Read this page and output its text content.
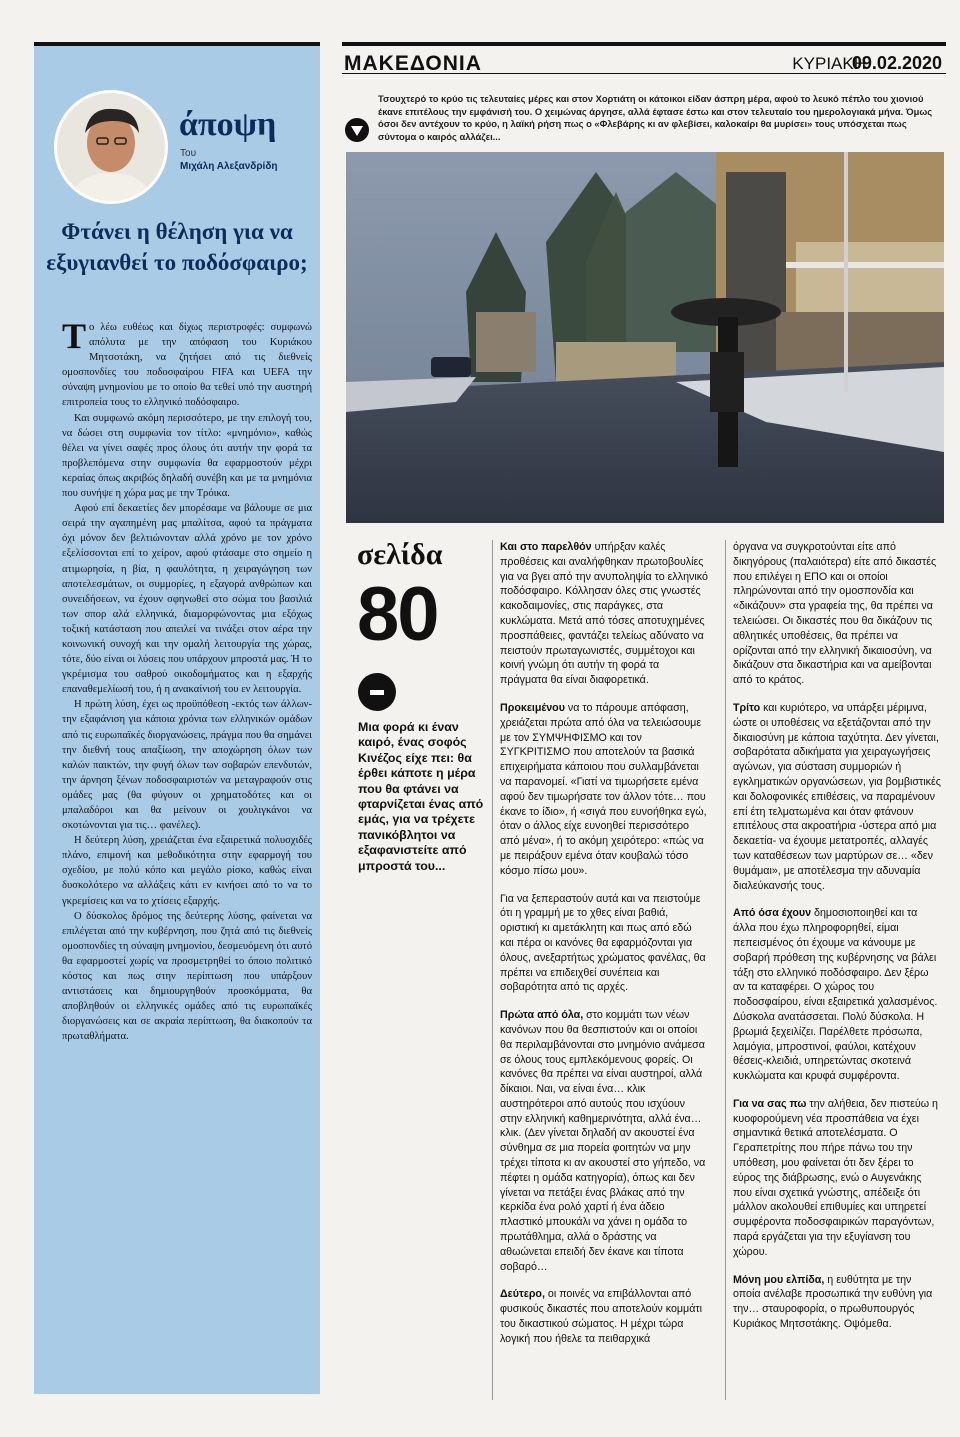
άποψη
Του
Μιχάλη Αλεξανδρίδη
Φτάνει η θέληση για να εξυγιανθεί το ποδόσφαιρο;

Το λέω ευθέως και δίχως περιστροφές: συμφωνώ απόλυτα με την απόφαση του Κυριάκου Μητσοτάκη, να ζητήσει από τις διεθνείς ομοσπονδίες του ποδοσφαίρου FIFA και UEFA την σύναψη μνημονίου με το οποίο θα τεθεί υπό την αυστηρή επιτροπεία τους το ελληνικό ποδόσφαιρο.

Και συμφωνώ ακόμη περισσότερο, με την επιλογή του, να δώσει στη συμφωνία τον τίτλο: «μνημόνιο», καθώς θέλει να γίνει σαφές προς όλους ότι αυτήν την φορά τα προβλεπόμενα στην συμφωνία θα εφαρμοστούν μέχρι κεραίας όπως ακριβώς δηλαδή συνέβη και με τα μνημόνια που συνήψε η χώρα μας με την Τρόικα.

Αφού επί δεκαετίες δεν μπορέσαμε να βάλουμε σε μια σειρά την αγαπημένη μας μπαλίτσα, αφού τα πράγματα όχι μόνον δεν βελτιώνονταν αλλά χρόνο με τον χρόνο εξελίσσονται επί το χείρον, αφού φτάσαμε στο σημείο η ατιμωρησία, η βία, η φαυλότητα, η χειραγώγηση των αποτελεσμάτων, οι συμμορίες, η εξαγορά ανθρώπων και συνειδήσεων, να έχουν σφηνωθεί στο σώμα του βασιλιά των σπορ αλά ελληνικά, διαμορφώνοντας μια εξόχως τοξική κατάσταση που απειλεί να τινάξει στον αέρα την κοινωνική συνοχή και την ομαλή λειτουργία της χώρας, τότε, δύο είναι οι λύσεις που υπάρχουν μπροστά μας. Ή το γκρέμισμα του σαθρού οικοδομήματος και η εξαρχής επαναθεμελίωσή του, ή η ανακαίνισή του εν λειτουργία.

Η πρώτη λύση, έχει ως προϋπόθεση -εκτός των άλλων- την εξαφάνιση για κάποια χρόνια των ελληνικών ομάδων από τις ευρωπαϊκές διοργανώσεις, πράγμα που θα σημάνει την διεθνή τους απαξίωση, την αποχώρηση όλων των καλών παικτών, την φυγή όλων των σοβαρών επενδυτών, την άρνηση ξένων ποδοσφαιριστών να μεταγραφούν στις ομάδες μας (θα φύγουν οι χρηματοδότες και οι μπαλαδόροι και θα μείνουν οι χουλιγκάνοι να σκοτώνονται για τις… φανέλες).

Η δεύτερη λύση, χρειάζεται ένα εξαιρετικά πολυσχιδές πλάνο, επιμονή και μεθοδικότητα στην εφαρμογή του σχεδίου, με πολύ κόπο και μεγάλο ρίσκο, καθώς είναι δυσκολότερο να αλλάξεις κάτι εν κινήσει από το να το γκρεμίσεις και να το χτίσεις εξαρχής.

Ο δύσκολος δρόμος της δεύτερης λύσης, φαίνεται να επιλέγεται από την κυβέρνηση, που ζητά από τις διεθνείς ομοσπονδίες τη σύναψη μνημονίου, δεσμευόμενη ότι αυτό θα εφαρμοστεί χωρίς να προσμετρηθεί το όποιο πολιτικό κόστος και πως στην περίπτωση που υπάρξουν αντιστάσεις και δημιουργηθούν προσκόμματα, θα αποβληθούν οι ελληνικές ομάδες από τις ευρωπαϊκές διοργανώσεις και σε ακραία περίπτωση, θα διακοπούν τα πρωταθλήματα.

ΜΑΚΕΔΟΝΙΑ	ΚΥΡΙΑΚΗ
09.02.2020
Τσουχτερό το κρύο τις τελευταίες μέρες και στον Χορτιάτη οι κάτοικοι είδαν άσπρη μέρα, αφού το λευκό πέπλο του χιονιού έκανε επιτέλους την εμφάνισή του. Ο χειμώνας άργησε, αλλά έφτασε έστω και στον τελευταίο του ημερολογιακά μήνα. Όμως όσοι δεν αντέχουν το κρύο, η λαϊκή ρήση πως ο «Φλεβάρης κι αν φλεβίσει, καλοκαίρι θα μυρίσει» τους υπόσχεται πως σύντομα ο καιρός αλλάζει...
σελίδα
80
Μια φορά κι έναν καιρό, ένας σοφός Κινέζος είχε πει: θα έρθει κάποτε η μέρα που θα φτάνει να φταρνίζεται ένας από εμάς, για να τρέχετε πανικόβλητοι να εξαφανιστείτε από μπροστά του...

Και στο παρελθόν υπήρξαν καλές προθέσεις και αναλήφθηκαν πρωτοβουλίες για να βγει από την ανυποληψία το ελληνικό ποδόσφαιρο. Κόλλησαν όλες στις γνωστές κακοδαιμονίες, στις παράγκες, στα κυκλώματα. Μετά από τόσες αποτυχημένες προσπάθειες, φαντάζει τελείως αδύνατο να πειστούν πρωταγωνιστές, συμμέτοχοι και κοινή γνώμη ότι αυτήν τη φορά τα πράγματα θα είναι διαφορετικά.

Προκειμένου να το πάρουμε απόφαση, χρειάζεται πρώτα από όλα να τελειώσουμε με τον ΣΥΜΨΗΦΙΣΜΟ και τον ΣΥΓΚΡΙΤΙΣΜΟ που αποτελούν τα βασικά επιχειρήματα κάποιου που συλλαμβάνεται να παρανομεί. «Γιατί να τιμωρήσετε εμένα αφού δεν τιμωρήσατε τον άλλον τότε… που έκανε το ίδιο», ή «σιγά που ευνοήθηκα εγώ, όταν ο άλλος είχε ευνοηθεί περισσότερο από μένα», ή το ακόμη χειρότερο: «πώς να με πειράξουν εμένα όταν κουβαλώ τόσο κόσμο πίσω μου».

Για να ξεπεραστούν αυτά και να πειστούμε ότι η γραμμή με το χθες είναι βαθιά, οριστική κι αμετάκλητη και πως από εδώ και πέρα οι κανόνες θα εφαρμόζονται για όλους, ανεξαρτήτως χρώματος φανέλας, θα πρέπει να επιδειχθεί συνέπεια και σοβαρότητα από τις αρχές.

Πρώτα από όλα, στο κομμάτι των νέων κανόνων που θα θεσπιστούν και οι οποίοι θα περιλαμβάνονται στο μνημόνιο ανάμεσα σε όλους τους εμπλεκόμενους φορείς. Οι κανόνες θα πρέπει να είναι αυστηροί, αλλά δίκαιοι. Ναι, να είναι ένα… κλικ αυστηρότεροι από αυτούς που ισχύουν στην ελληνική καθημερινότητα, αλλά ένα… κλικ. (Δεν γίνεται δηλαδή αν ακουστεί ένα σύνθημα σε μια πορεία φοιτητών να μην τρέχει τίποτα κι αν ακουστεί στο γήπεδο, να πέφτει η ομάδα κατηγορία), όπως και δεν γίνεται να πετάξει ένας βλάκας από την κερκίδα ένα ρολό χαρτί ή ένα άδειο πλαστικό μπουκάλι να χάνει η ομάδα το πρωτάθλημα, αλλά ο δράστης να αθωώνεται επειδή δεν έκανε και τίποτα σοβαρό…

Δεύτερο, οι ποινές να επιβάλλονται από φυσικούς δικαστές που αποτελούν κομμάτι του δικαστικού σώματος. Η μέχρι τώρα λογική που ήθελε τα πειθαρχικά

όργανα να συγκροτούνται είτε από δικηγόρους (παλαιότερα) είτε από δικαστές που επιλέγει η ΕΠΟ και οι οποίοι πληρώνονται από την ομοσπονδία και «δικάζουν» στα γραφεία της, θα πρέπει να τελειώσει. Οι δικαστές που θα δικάζουν τις αθλητικές υποθέσεις, θα πρέπει να ορίζονται από την ελληνική δικαιοσύνη, να δικάζουν στα δικαστήρια και να αμείβονται από το κράτος.

Τρίτο και κυριότερο, να υπάρξει μέριμνα, ώστε οι υποθέσεις να εξετάζονται από την δικαιοσύνη με κάποια ταχύτητα. Δεν γίνεται, σοβαρότατα αδικήματα για χειραγωγήσεις αγώνων, για σύσταση συμμοριών ή εγκληματικών οργανώσεων, για βομβιστικές και δολοφονικές επιθέσεις, να παραμένουν επί έτη τελματωμένα και όταν φτάνουν επιτέλους στα ακροατήρια -ύστερα από μια δεκαετία- να έχουμε μετατροπές, αλλαγές των καταθέσεων των μαρτύρων σε… «δεν θυμάμαι», με αποτέλεσμα την αδυναμία διαλεύκανσής τους.

Από όσα έχουν δημοσιοποιηθεί και τα άλλα που έχω πληροφορηθεί, είμαι πεπεισμένος ότι έχουμε να κάνουμε με σοβαρή πρόθεση της κυβέρνησης να βάλει τάξη στο ελληνικό ποδόσφαιρο. Δεν ξέρω αν τα καταφέρει. Ο χώρος του ποδοσφαίρου, είναι εξαιρετικά χαλασμένος. Δύσκολα ανατάσσεται. Πολύ δύσκολα. Η βρωμιά ξεχειλίζει. Παρέλθετε πρόσωπα, λαμόγια, μπροστινοί, φαύλοι, κατέχουν θέσεις-κλειδιά, υπηρετώντας σκοτεινά κυκλώματα και κρυφά συμφέροντα.

Για να σας πω την αλήθεια, δεν πιστεύω η κυοφορούμενη νέα προσπάθεια να έχει σημαντικά θετικά αποτελέσματα. Ο Γεραπετρίτης που πήρε πάνω του την υπόθεση, μου φαίνεται ότι δεν ξέρει το εύρος της διάβρωσης, ενώ ο Αυγενάκης που είναι σχετικά γνώστης, απέδειξε ότι μάλλον ακολουθεί επιθυμίες και υπηρετεί συμφέροντα ποδοσφαιρικών παραγόντων, παρά εργάζεται για την εξυγίανση του χώρου.

Μόνη μου ελπίδα, η ευθύτητα με την οποία ανέλαβε προσωπικά την ευθύνη για την… σταυροφορία, ο πρωθυπουργός Κυριάκος Μητσοτάκης. Οψόμεθα.
